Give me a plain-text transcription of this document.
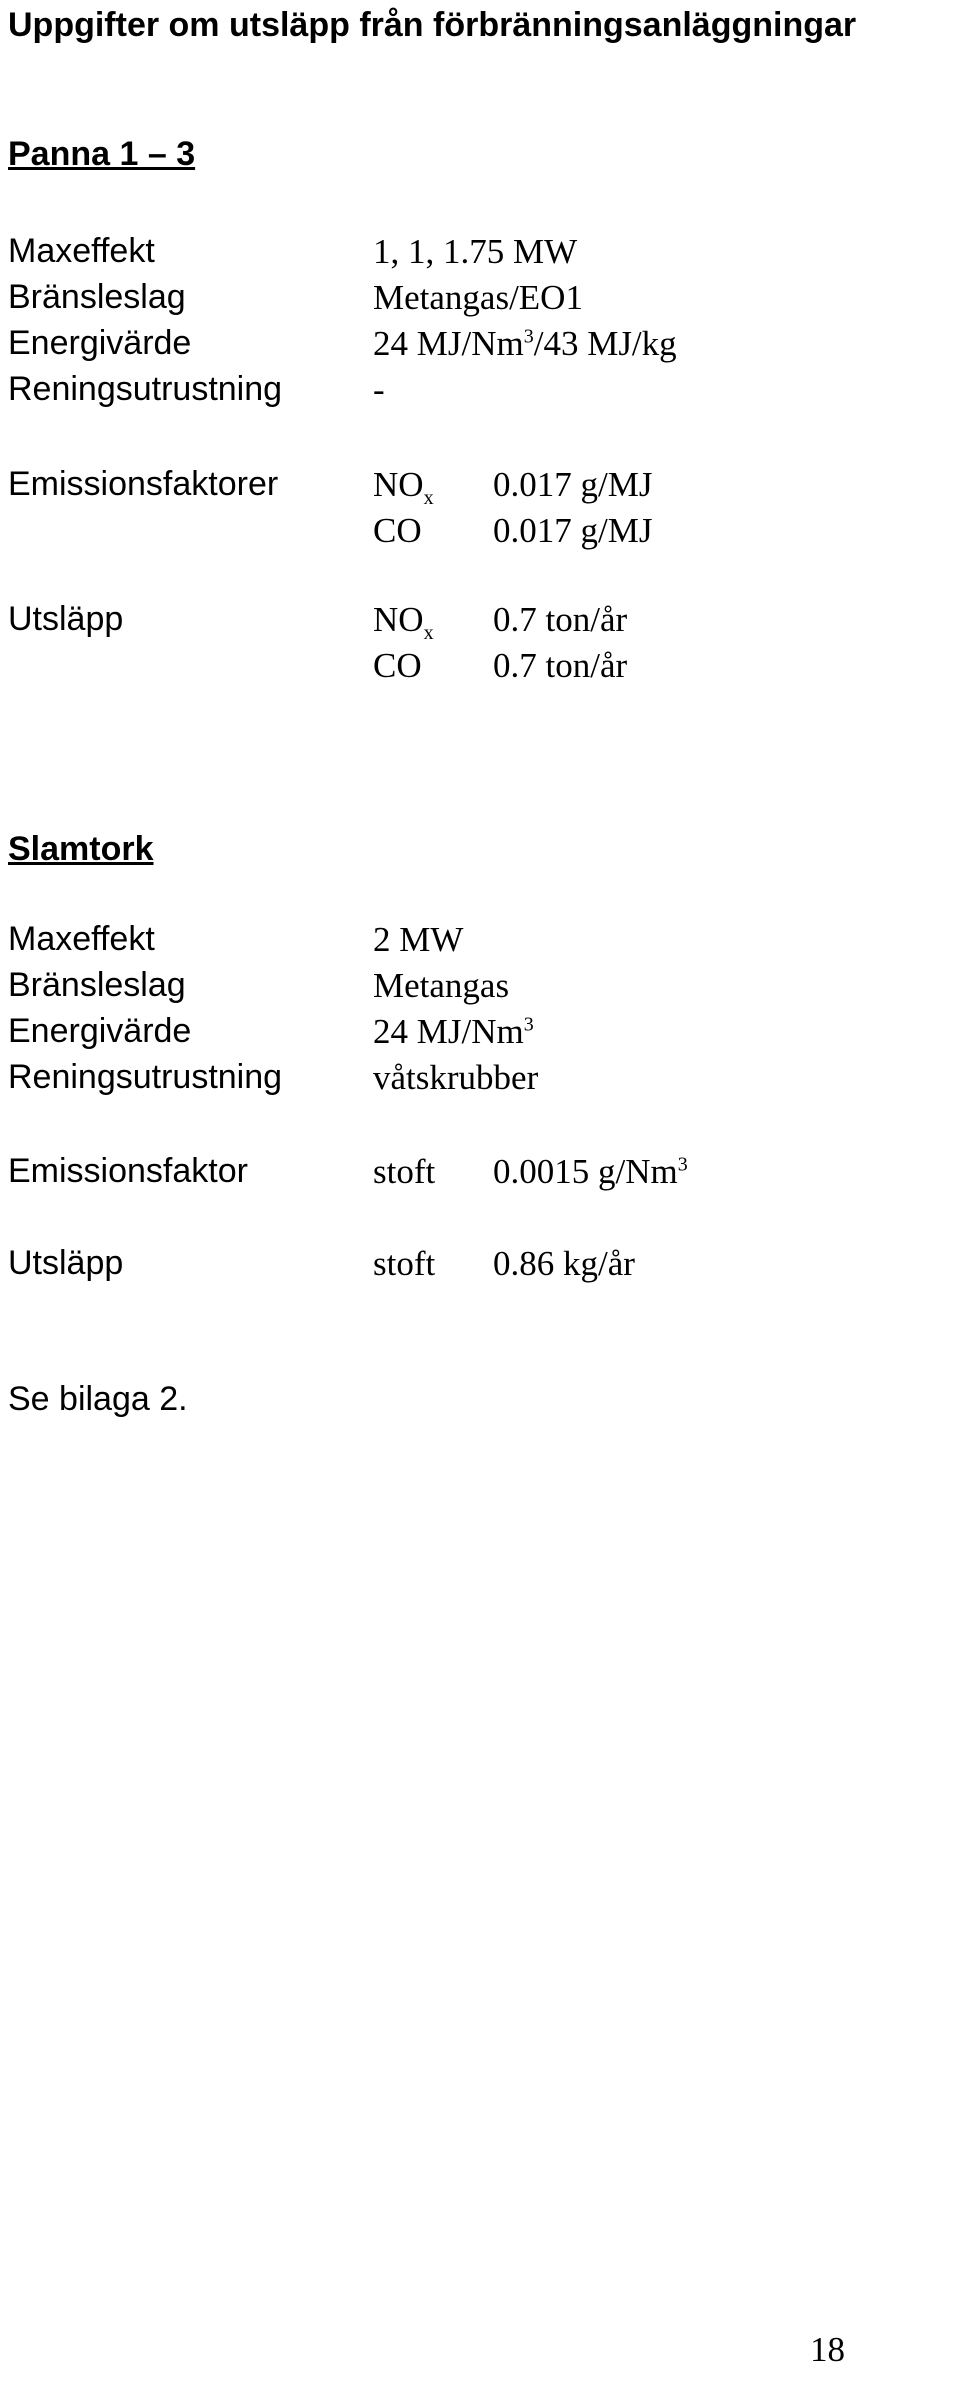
Uppgifter om utsläpp från förbränningsanläggningar
Panna 1 – 3
Maxeffekt	1, 1, 1.75 MW
Bränsleslag	Metangas/EO1
Energivärde	24 MJ/Nm$^3$/43 MJ/kg
Reningsutrustning	-
Emissionsfaktorer	$NO_x$ 0.017 g/MJ
CO 0.017 g/MJ
Utsläpp	$NO_x$ 0.7 ton/år
CO 0.7 ton/år
Slamtork
Maxeffekt	2 MW
Bränsleslag	Metangas
Energivärde	24 MJ/Nm$^3$
Reningsutrustning	våtskrubber
Emissionsfaktor	stoft 0.0015 g/Nm$^3$
Utsläpp	stoft 0.86 kg/år
Se bilaga 2.
18
